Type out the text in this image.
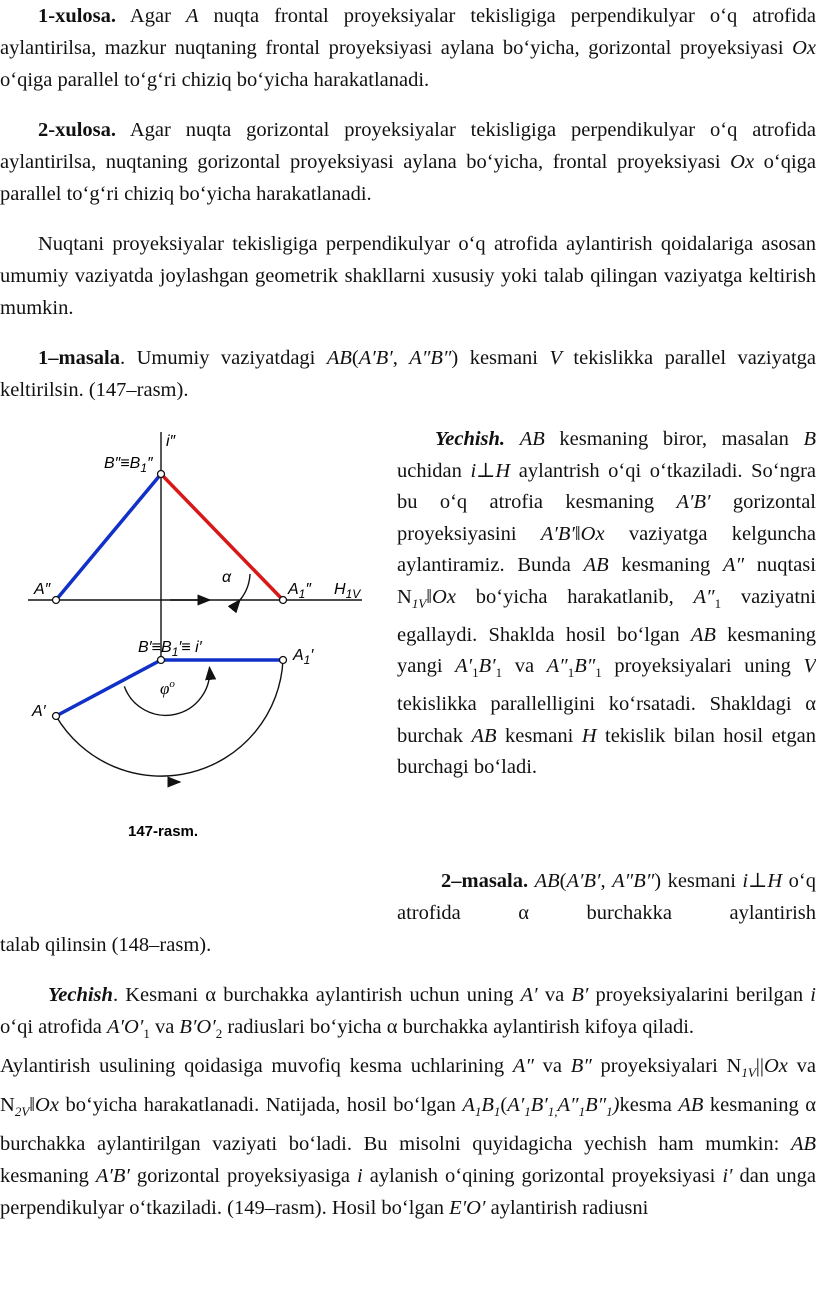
1-xulosa. Agar A nuqta frontal proyeksiyalar tekisligiga perpendikulyar o‘q atrofida aylantirilsa, mazkur nuqtaning frontal proyeksiyasi aylana bo‘yicha, gorizontal proyeksiyasi Ox o‘qiga parallel to‘g‘ri chiziq bo‘yicha harakatlanadi.
2-xulosa. Agar nuqta gorizontal proyeksiyalar tekisligiga perpendikulyar o‘q atrofida aylantirilsa, nuqtaning gorizontal proyeksiyasi aylana bo‘yicha, frontal proyeksiyasi Ox o‘qiga parallel to‘g‘ri chiziq bo‘yicha harakatlanadi.
Nuqtani proyeksiyalar tekisligiga perpendikulyar o‘q atrofida aylantirish qoidalariga asosan umumiy vaziyatda joylashgan geometrik shakllarni xususiy yoki talab qilingan vaziyatga keltirish mumkin.
1–masala. Umumiy vaziyatdagi AB(A′B′, A″B″) kesmani V tekislikka parallel vaziyatga keltirilsin. (147–rasm).
i″
$B''\equiv B_1''$
A″
α
$A_1''$ $H_{1V}$
$B'\equiv B_1'\equiv i'$	$A_1'$
A′
$\varphi^o$
147-rasm.
Yechish. AB kesmaning biror, masalan B uchidan i⊥H aylantrish o‘qi o‘tkaziladi. So‘ngra bu o‘q atrofia kesmaning A′B′ gorizontal proyeksiyasini A′B′‖Ox vaziyatga kelguncha aylantiramiz. Bunda AB kesmaning A″ nuqtasi $N_{1V}‖Ox$ bo‘yicha harakatlanib, $A''_1$ vaziyatni egallaydi. Shaklda hosil bo‘lgan AB kesmaning yangi $A'_1B'_1$ va $A''_1B''_1$ proyeksiyalari uning V tekislikka parallelligini ko‘rsatadi. Shakldagi α burchak AB kesmani H tekislik bilan hosil etgan burchagi bo‘ladi.
2–masala. AB(A′B′, A″B″) kesmani i⊥H o‘q atrofida α burchakka aylantirish
talab qilinsin (148–rasm).
Yechish. Kesmani α burchakka aylantirish uchun uning A′ va B′ proyeksiyalarini berilgan i o‘qi atrofida $A'O'_1$ va $B'O'_2$ radiuslari bo‘yicha α burchakka aylantirish kifoya qiladi.
Aylantirish usulining qoidasiga muvofiq kesma uchlarining A″ va B″ proyeksiyalari $N_{1V}||Ox$ va $N_{2V}‖Ox$ bo‘yicha harakatlanadi. Natijada, hosil bo‘lgan $A_1B_1(A'_1B'_{1,}A''_1B''_1)kesma$ AB kesmaning α burchakka aylantirilgan vaziyati bo‘ladi. Bu misolni quyidagicha yechish ham mumkin: AB kesmaning A′B′ gorizontal proyeksiyasiga i aylanish o‘qining gorizontal proyeksiyasi i′ dan unga perpendikulyar o‘tkaziladi. (149–rasm). Hosil bo‘lgan E′O′ aylantirish radiusni
